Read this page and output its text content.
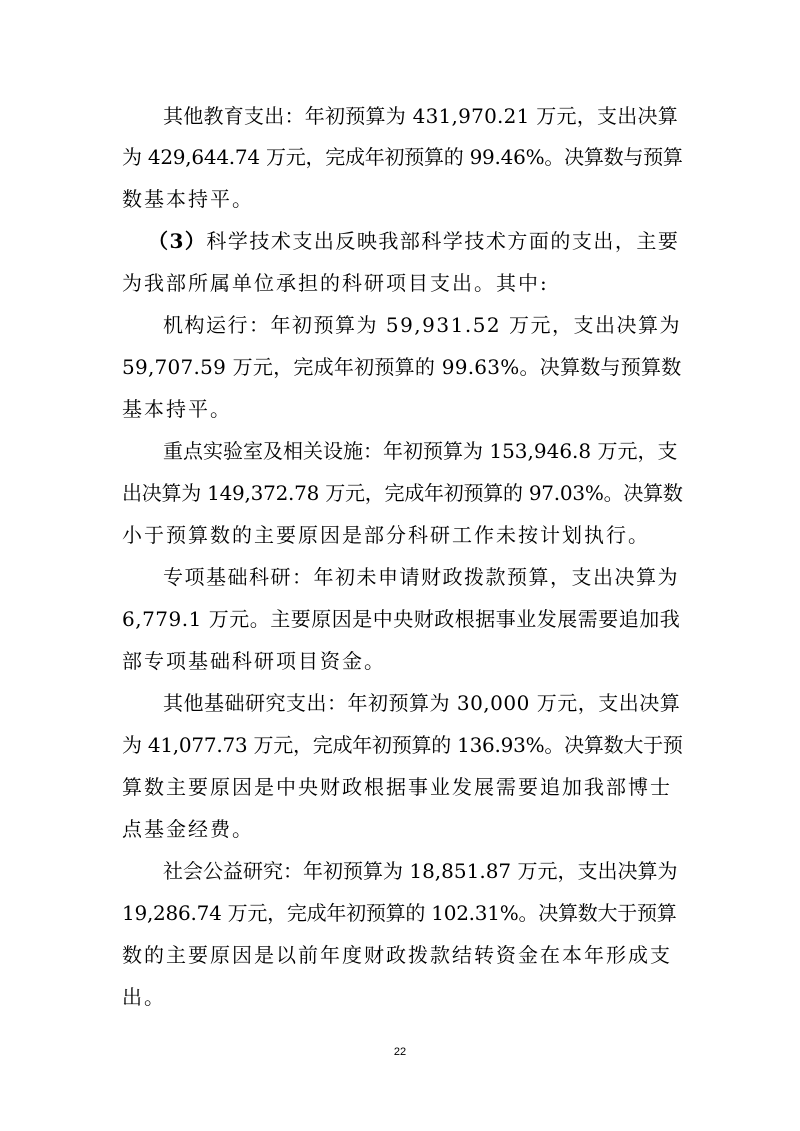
其他教育支出：年初预算为 431,970.21 万元，支出决算
为 429,644.74 万元，完成年初预算的 99.46%。决算数与预算
数基本持平。
（3）科学技术支出反映我部科学技术方面的支出，主要
为我部所属单位承担的科研项目支出。其中:
机构运行：年初预算为 59,931.52 万元，支出决算为
59,707.59 万元，完成年初预算的 99.63%。决算数与预算数
基本持平。
重点实验室及相关设施：年初预算为 153,946.8 万元，支
出决算为 149,372.78 万元，完成年初预算的 97.03%。决算数
小于预算数的主要原因是部分科研工作未按计划执行。
专项基础科研：年初未申请财政拨款预算，支出决算为
6,779.1 万元。主要原因是中央财政根据事业发展需要追加我
部专项基础科研项目资金。
其他基础研究支出：年初预算为 30,000 万元，支出决算
为 41,077.73 万元，完成年初预算的 136.93%。决算数大于预
算数主要原因是中央财政根据事业发展需要追加我部博士
点基金经费。
社会公益研究：年初预算为 18,851.87 万元，支出决算为
19,286.74 万元，完成年初预算的 102.31%。决算数大于预算
数的主要原因是以前年度财政拨款结转资金在本年形成支
出。
22
